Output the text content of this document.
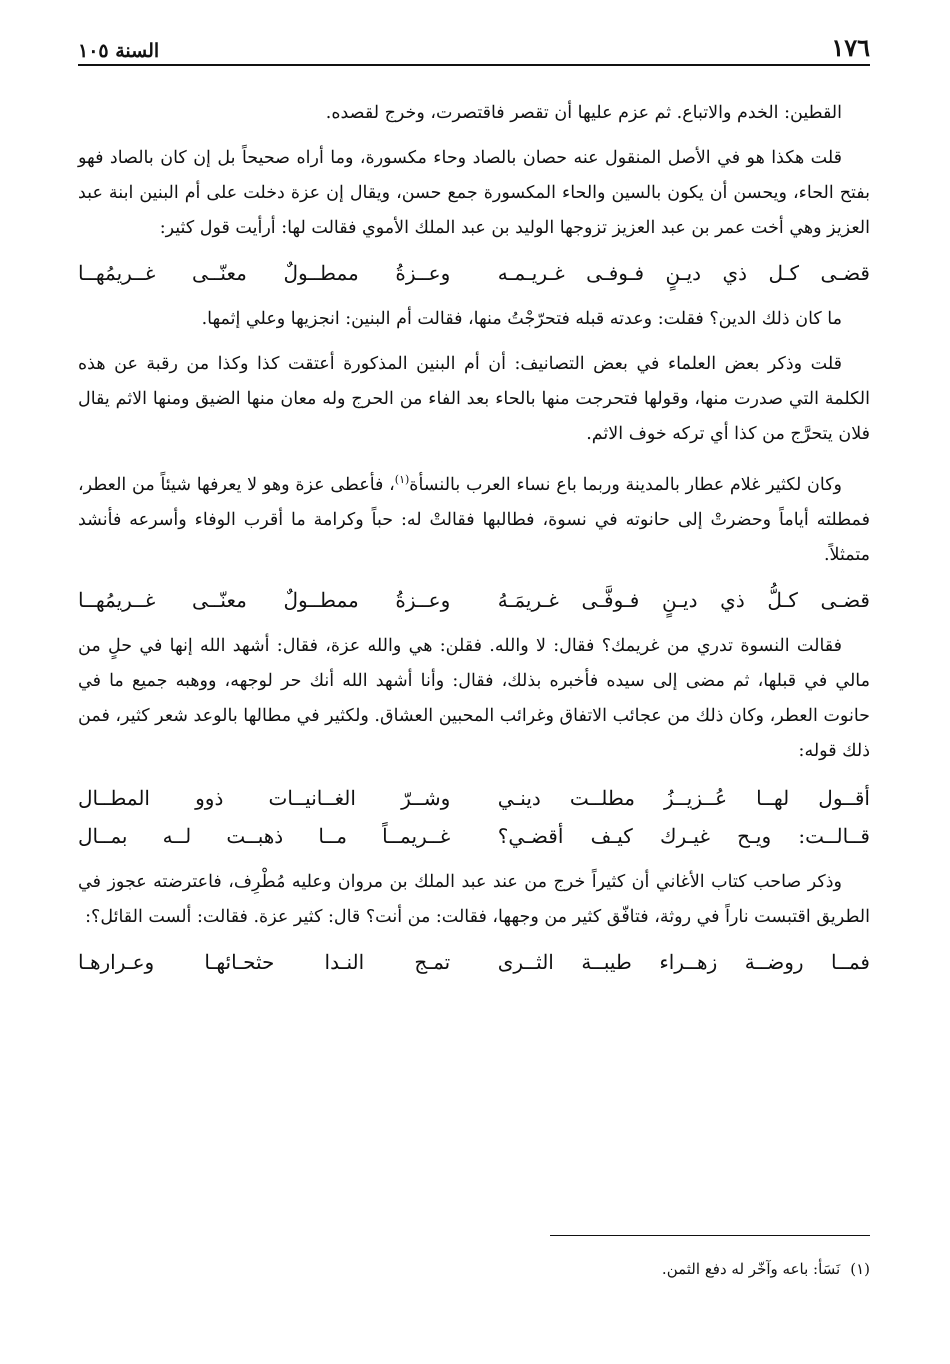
١٧٦
السنة ١٠٥

القطين: الخدم والاتباع. ثم عزم عليها أن تقصر فاقتصرت، وخرج لقصده.

قلت هكذا هو في الأصل المنقول عنه حصان بالصاد وحاء مكسورة، وما أراه صحيحاً بل إن كان بالصاد فهو بفتح الحاء، ويحسن أن يكون بالسين والحاء المكسورة جمع حسن، ويقال إن عزة دخلت على أم البنين ابنة عبد العزيز وهي أخت عمر بن عبد العزيز تزوجها الوليد بن عبد الملك الأموي فقالت لها: أرأيت قول كثير:

قضـى كـل ذي ديـنٍ فـوفـى غـريـمـه
وعــزةُ ممطــولٌ معنّــى غــريمُهــا

ما كان ذلك الدين؟ فقلت: وعدته قبله فتحرّجْتُ منها، فقالت أم البنين: انجزيها وعلي إثمها.

قلت وذكر بعض العلماء في بعض التصانيف: أن أم البنين المذكورة أعتقت كذا وكذا من رقبة عن هذه الكلمة التي صدرت منها، وقولها فتحرجت منها بالحاء بعد الفاء من الحرج وله معان منها الضيق ومنها الاثم يقال فلان يتحرَّج من كذا أي تركه خوف الاثم.

وكان لكثير غلام عطار بالمدينة وربما باع نساء العرب بالنسأة$^{(١)}$، فأعطى عزة وهو لا يعرفها شيئاً من العطر، فمطلته أياماً وحضرتْ إلى حانوته في نسوة، فطالبها فقالتْ له: حباً وكرامة ما أقرب الوفاء وأسرعه فأنشد متمثلاً.

قضـى كـلُّ ذي ديـنٍ فـوفَّـى غـريمَـهُ
وعــزةُ ممطــولٌ معنّــى غــريمُهــا

فقالت النسوة تدري من غريمك؟ فقال: لا والله. فقلن: هي والله عزة، فقال: أشهد الله إنها في حلٍ من مالي في قبلها، ثم مضى إلى سيده فأخبره بذلك، فقال: وأنا أشهد الله أنك حر لوجهه، ووهبه جميع ما في حانوت العطر، وكان ذلك من عجائب الاتفاق وغرائب المحبين العشاق. ولكثير في مطالها بالوعد شعر كثير، فمن ذلك قوله:

أقــول لهــا عُــزيــزُ مطلــت دينـي
وشــرّ الغــانيــات ذوو المطــال
قــالــت: ويـح غيـرك كيـف أقضـي؟
غــريمــاً مــا ذهبــت لــه بمــال

وذكر صاحب كتاب الأغاني أن كثيراً خرج من عند عبد الملك بن مروان وعليه مُطْرِف، فاعترضته عجوز في الطريق اقتبست ناراً في روثة، فتافّق كثير من وجهها، فقالت: من أنت؟ قال: كثير عزة. فقالت: ألست القائل؟:

فمــا روضــة زهــراء طيبــة الثــرى
تمـج النـدا حثحـائهـا وعـرارهـا
(١)نَسَأ: باعه وآخّر له دفع الثمن.
